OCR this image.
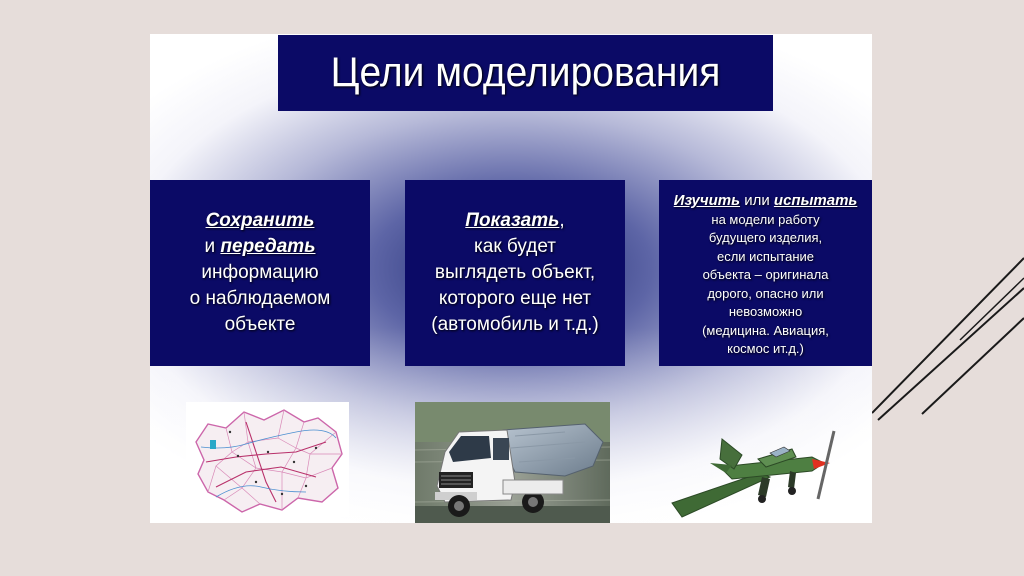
Цели моделирования
Сохранить
и передать
информацию
о наблюдаемом
объекте
Показать,
как будет
выглядеть объект,
которого еще нет
(автомобиль и т.д.)
Изучить или испытать
на модели работу
будущего изделия,
если испытание
объекта – оригинала
дорого, опасно или
невозможно
(медицина. Авиация,
космос ит.д.)
